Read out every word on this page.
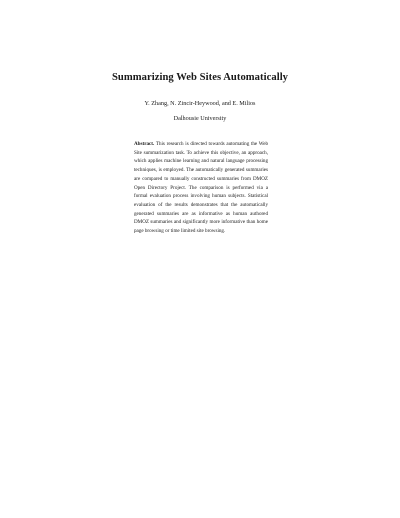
Summarizing Web Sites Automatically

Y. Zhang, N. Zincir-Heywood, and E. Milios

Dalhousie University

Abstract. This research is directed towards automating the Web Site summarization task. To achieve this objective, an approach, which applies machine learning and natural language processing techniques, is employed. The automatically generated summaries are compared to manually constructed summaries from DMOZ Open Directory Project. The comparison is performed via a formal evaluation process involving human subjects. Statistical evaluation of the results demonstrates that the automatically generated summaries are as informative as human authored DMOZ summaries and significantly more informative than home page browsing or time limited site browsing.
